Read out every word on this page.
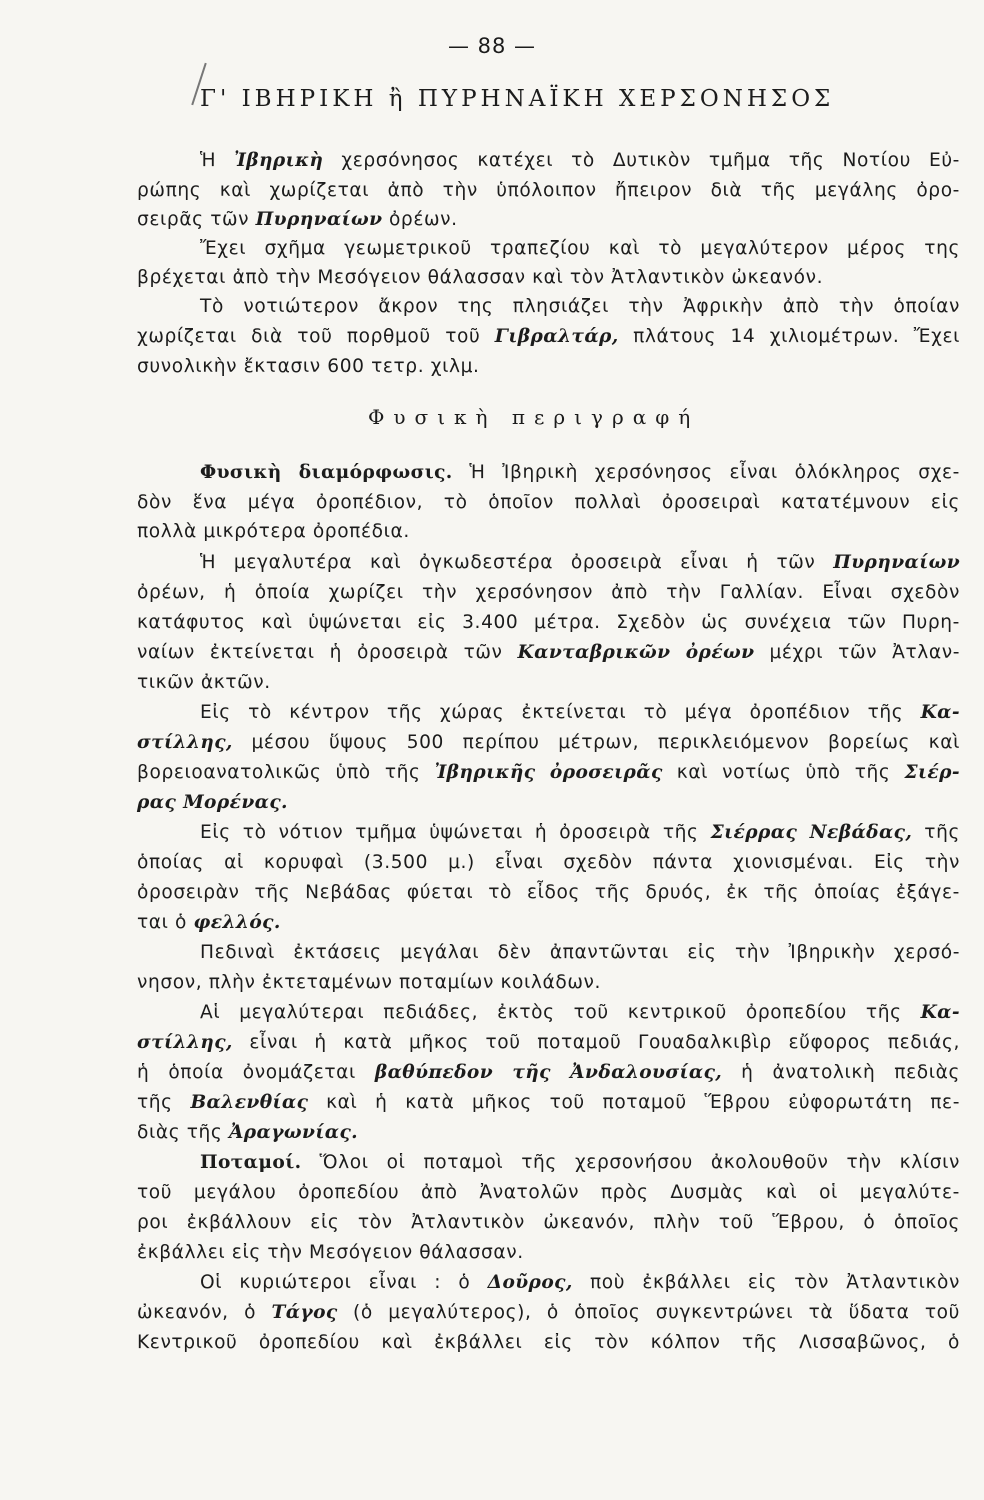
— 88 —
Γ' ΙΒΗΡΙΚΗ ἢ ΠΥΡΗΝΑΪΚΗ ΧΕΡΣΟΝΗΣΟΣ
Ἡ Ἰβηρικὴ χερσόνησος κατέχει τὸ Δυτικὸν τμῆμα τῆς Νοτίου Εὐ-
ρώπης καὶ χωρίζεται ἀπὸ τὴν ὑπόλοιπον ἤπειρον διὰ τῆς μεγάλης ὀρο-
σειρᾶς τῶν Πυρηναίων ὀρέων.
Ἔχει σχῆμα γεωμετρικοῦ τραπεζίου καὶ τὸ μεγαλύτερον μέρος της
βρέχεται ἀπὸ τὴν Μεσόγειον θάλασσαν καὶ τὸν Ἀτλαντικὸν ὠκεανόν.
Τὸ νοτιώτερον ἄκρον της πλησιάζει τὴν Ἀφρικὴν ἀπὸ τὴν ὁποίαν
χωρίζεται διὰ τοῦ πορθμοῦ τοῦ Γιβραλτάρ, πλάτους 14 χιλιομέτρων. Ἔχει
συνολικὴν ἔκτασιν 600 τετρ. χιλμ.
Φυσικὴ περιγραφή
Φυσικὴ διαμόρφωσις. Ἡ Ἰβηρικὴ χερσόνησος εἶναι ὁλόκληρος σχε-
δὸν ἕνα μέγα ὀροπέδιον, τὸ ὁποῖον πολλαὶ ὀροσειραὶ κατατέμνουν εἰς
πολλὰ μικρότερα ὀροπέδια.
Ἡ μεγαλυτέρα καὶ ὀγκωδεστέρα ὀροσειρὰ εἶναι ἡ τῶν Πυρηναίων
ὀρέων, ἡ ὁποία χωρίζει τὴν χερσόνησον ἀπὸ τὴν Γαλλίαν. Εἶναι σχεδὸν
κατάφυτος καὶ ὑψώνεται εἰς 3.400 μέτρα. Σχεδὸν ὡς συνέχεια τῶν Πυρη-
ναίων ἐκτείνεται ἡ ὀροσειρὰ τῶν Κανταβρικῶν ὀρέων μέχρι τῶν Ἀτλαν-
τικῶν ἀκτῶν.
Εἰς τὸ κέντρον τῆς χώρας ἐκτείνεται τὸ μέγα ὀροπέδιον τῆς Κα-
στίλλης, μέσου ὕψους 500 περίπου μέτρων, περικλειόμενον βορείως καὶ
βορειοανατολικῶς ὑπὸ τῆς Ἰβηρικῆς ὀροσειρᾶς καὶ νοτίως ὑπὸ τῆς Σιέρ-
ρας Μορένας.
Εἰς τὸ νότιον τμῆμα ὑψώνεται ἡ ὀροσειρὰ τῆς Σιέρρας Νεβάδας, τῆς
ὁποίας αἱ κορυφαὶ (3.500 μ.) εἶναι σχεδὸν πάντα χιονισμέναι. Εἰς τὴν
ὀροσειρὰν τῆς Νεβάδας φύεται τὸ εἶδος τῆς δρυός, ἐκ τῆς ὁποίας ἐξάγε-
ται ὁ φελλός.
Πεδιναὶ ἐκτάσεις μεγάλαι δὲν ἀπαντῶνται εἰς τὴν Ἰβηρικὴν χερσό-
νησον, πλὴν ἐκτεταμένων ποταμίων κοιλάδων.
Αἱ μεγαλύτεραι πεδιάδες, ἐκτὸς τοῦ κεντρικοῦ ὀροπεδίου τῆς Κα-
στίλλης, εἶναι ἡ κατὰ μῆκος τοῦ ποταμοῦ Γουαδαλκιβὶρ εὔφορος πεδιάς,
ἡ ὁποία ὀνομάζεται βαθύπεδον τῆς Ἀνδαλουσίας, ἡ ἀνατολικὴ πεδιὰς
τῆς Βαλενθίας καὶ ἡ κατὰ μῆκος τοῦ ποταμοῦ Ἕβρου εὐφορωτάτη πε-
διὰς τῆς Ἀραγωνίας.
Ποταμοί. Ὅλοι οἱ ποταμοὶ τῆς χερσονήσου ἀκολουθοῦν τὴν κλίσιν
τοῦ μεγάλου ὀροπεδίου ἀπὸ Ἀνατολῶν πρὸς Δυσμὰς καὶ οἱ μεγαλύτε-
ροι ἐκβάλλουν εἰς τὸν Ἀτλαντικὸν ὠκεανόν, πλὴν τοῦ Ἕβρου, ὁ ὁποῖος
ἐκβάλλει εἰς τὴν Μεσόγειον θάλασσαν.
Οἱ κυριώτεροι εἶναι : ὁ Δοῦρος, ποὺ ἐκβάλλει εἰς τὸν Ἀτλαντικὸν
ὠκεανόν, ὁ Τάγος (ὁ μεγαλύτερος), ὁ ὁποῖος συγκεντρώνει τὰ ὕδατα τοῦ
Κεντρικοῦ ὀροπεδίου καὶ ἐκβάλλει εἰς τὸν κόλπον τῆς Λισσαβῶνος, ὁ
